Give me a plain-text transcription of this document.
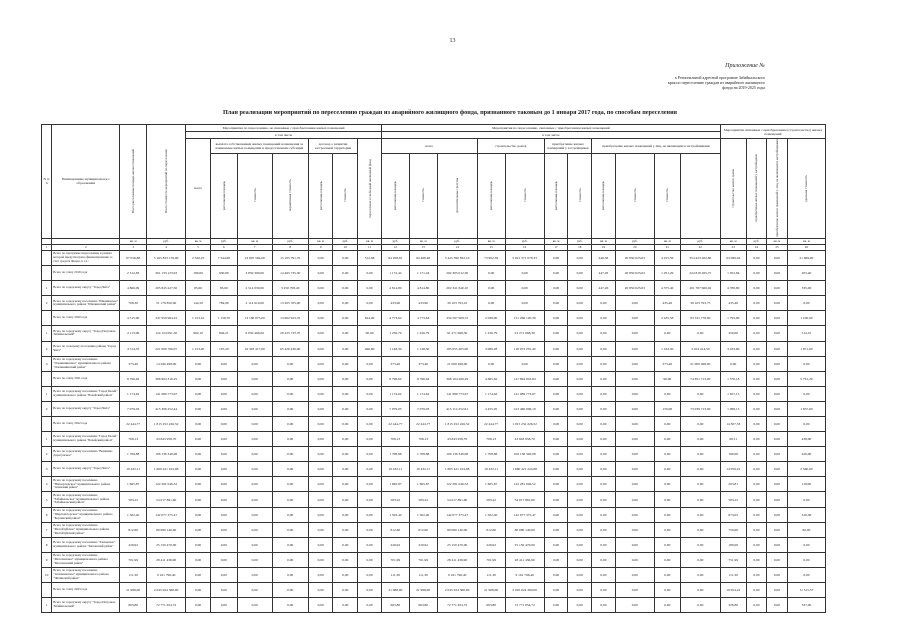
13
Приложение №
к Региональной адресной программе Забайкальского
края по переселению граждан из аварийного жилищного
фонда на 2019-2025 годы
План реализации мероприятий по переселению граждан из аварийного жилищного фонда, признанного таковым до 1 января 2017 года, по способам переселения
N п/п	Наименование муниципального образования	Всего расселяемая площадь жилых помещений	Всего стоимость мероприятий по переселению	Мероприятия по переселению, не связанные с приобретением жилых помещений							Мероприятия по переселению, связанные с приобретением жилых помещений											Мероприятия связанные с приобретением (строительство) жилых помещений			
				в том числе							в том числе														
				всего	выплата собственникам жилых помещений возмещения за изымаемые жилые помещения и предоставление субсидий			договор о развитии застроенной территории		переселение в свободный жилищный фонд	всего			строительство домов		приобретение жилых помещений у застройщиков		приобретение жилых помещений у лиц, не являющихся застройщиками				строительство жилых домов	приобретение жилых помещений у застройщиков	приобретение жилых помещений у лиц, не являющихся застройщиками	удельная стоимость
					расселяемая площадь	стоимость	нормативная стоимость	расселяемая площадь	стоимость		расселяемая площадь	стоимость	дополнительные средства	расселяемая площадь	стоимость	расселяемая площадь	стоимость	расселяемая площадь	стоимость	стоимость					
		кв. м	руб.	кв. м	руб.	кв. м	руб.	кв. м	руб.	кв. м	руб.	кв. м	руб.	кв. м	руб.	кв. м	руб.	кв. м	руб.	кв. м	руб.	кв. м	руб.	кв. м	кв. м
1	2	3	4	5	6	7	8	9	10	11	12	13	14	15	16	17	18	19	20	21	22	23	24	25	26
	Всего по программе переселения, в рамках которой предусмотрено финансирование за счет средств Фонда, в т.ч.:	97 056,88	5 165 833 176,99	2 326,25	7 344,68	23 907 584,00	15 105 791,70	0,00	0,00	512,08	94 958,81	94 498,48	5 425 390 852,10	73 902,39	5 021 371 070,33	0,00	0,00	440,36	20 850 023,03	4 015,59	354 423 202,80	93 069,94	0,00	0,00	21 669,00
	Всего по этапу 2019 года	2 312,83	301 133 123,93	180,00	930,80	3 859 309,00	14 465 735,30	0,00	0,00	0,00	1 172,44	1 171,44	202 305 012,30	0,00	0,00	0,00	0,00	447,26	20 850 023,03	1 051,29	224 818 265,75	1 052,84	0,00	0,00	203,40
1	Всего по городскому округу "Город Чита"	4 866,09	205 845 227,50	85,60	85,60	2 514 030,00	3 250 708,40	0,00	0,00	0,00	4 814,80	4 814,80	202 341 640,10	0,00	0,00	0,00	0,00	447,26	20 850 023,03	4 375,40	201 787 660,02	4 780,80	0,00	0,00	335,00
2	Всего по городскому поселению "Шилкинское" муниципального района "Шилкинский район"	708,30	51 178 850,00	144,50	784,90	2 114 910,00	13 205 705,00	0,00	0,00	0,00	433,90	433,90	39 103 793,10	0,00	0,00	0,00	0,00	0,00	0,00	435,40	39 103 793,75	435,40	0,00	0,00	0,00
	Всего по этапу 2020 года	4 515,90	347 950 984,22	1 153,10	1 158,70	13 180 875,00	13 662 923,70	0,00	0,00	624,00	4 773,64	4 773,64	334 597 908,72	2 038,00	151 266 120,30	0,00	0,00	0,00	0,00	2 435,58	83 331 778,00	1 795,80	0,00	0,00	1 100,00
1	Всего по городскому округу "Город Петровск-Забайкальский"	2 113,99	124 124 091,30	962,10	846,21	6 050 466,00	20 225 733,70	0,00	0,00	90,00	1 256,79	1 256,79	91 271 968,30	1 256,79	91 271 968,30	0,00	0,00	0,00	0,00	0,00	0,00	450,00	0,00	0,00	514,10
2	Всего по сельскому поселению района "Город Чита"	4 514,35	221 009 766,07	1 153,20	167,20	16 303 417,00	65 426 436,00	0,00	0,00	496,80	1 148,30	1 148,30	185 655 405,00	3 080,28	118 973 235,40	0,00	0,00	0,00	0,00	1 163,30	3 454 414,50	3 433,80	0,00	0,00	1 871,00
3	Всего по городскому поселению "Оловяннинское" муниципального района "Оловяннинский район"	373,40	14 296 498,00	0,00	0,00	0,00	0,00	0,00	0,00	0,00	373,40	373,40	21 000 498,00	0,00	0,00	0,00	0,00	0,00	0,00	373,40	21 000 498,00	0,00	0,00	0,00	0,00
	Всего по этапу 2021 года	8 796,62	396 994 316,25	0,00	0,00	0,00	0,00	0,00	0,00	0,00	8 796,62	8 796,62	398 104 266,29	4 665,62	127 894 816,84	0,00	0,00	0,00	0,00	90,00	74 651 713,00	1 570,18	0,00	0,00	5 761,29
1	Всего по городскому поселению "Город Балей" муниципального района "Балейский район"	1 174,62	141 989 773,67	0,00	0,00	0,00	0,00	0,00	0,00	0,00	1 174,62	1 174,62	141 989 773,67	1 174,62	141 989 773,67	0,00	0,00	0,00	0,00	0,00	0,00	1 657,15	0,00	0,00	0,00
2	Всего по городскому округу "Город Чита"	7 079,03	415 396 252,44	0,00	0,00	0,00	0,00	0,00	0,00	0,00	7 079,03	7 079,03	415 114 252,61	4 455,05	413 460 006,10	0,00	0,00	0,00	0,00	150,00	73 039 713,00	1 068,13	0,00	0,00	1 657,00
	Всего по этапу 2022 года	22 444,77	1 815 252 226,52	0,00	0,00	0,00	0,00	0,00	0,00	0,00	22 444,77	22 444,77	1 815 252 226,52	22 444,77	1 815 252 226,52	0,00	0,00	0,00	0,00	0,00	0,00	14 307,33	0,00	0,00	0,00
1	Всего по городскому поселению "Город Балей" муниципального района "Балейский район"	708,13	43 843 958,70	0,00	0,00	0,00	0,00	0,00	0,00	0,00	708,13	708,13	43 843 958,70	708,13	43 843 958,70	0,00	0,00	0,00	0,00	0,00	0,00	68,11	0,00	0,00	438,00
2	Всего по городскому поселению "Вершино-Дарасунское"	1 708,88	106 136 340,08	0,00	0,00	0,00	0,00	0,00	0,00	0,00	1 708,88	1 708,88	106 136 340,08	1 708,88	106 136 340,08	0,00	0,00	0,00	0,00	0,00	0,00	180,00	0,00	0,00	426,00
3	Всего по городскому округу "Город Чита"	19 432,11	1 660 421 224,08	0,00	0,00	0,00	0,00	0,00	0,00	0,00	19 432,11	19 432,11	1 665 421 224,08	19 432,11	1 660 421 224,08	0,00	0,00	0,00	0,00	0,00	0,00	14 059,22	0,00	0,00	2 560,00
4	Всего по городскому поселению "Новоорловское" муниципального района "Агинский район"	1 665,87	122 281 046,52	0,00	0,00	0,00	0,00	0,00	0,00	0,00	1 665,87	1 665,87	122 281 046,52	1 665,87	122 281 046,52	0,00	0,00	0,00	0,00	0,00	0,00	203,81	0,00	0,00	118,00
5	Всего по городскому поселению "Забайкальское" муниципального района "Забайкальский район"	583,22	54 017 891,60	0,00	0,00	0,00	0,00	0,00	0,00	0,00	583,22	583,22	54 017 891,60	583,22	54 017 891,60	0,00	0,00	0,00	0,00	0,00	0,00	583,22	0,00	0,00	0,00
6	Всего по городскому поселению "Шерловогорское" муниципального района "Борзинский район"	1 502,40	142 077 375,47	0,00	0,00	0,00	0,00	0,00	0,00	0,00	1 502,40	1 502,40	142 077 375,47	1 502,40	142 077 375,47	0,00	0,00	0,00	0,00	0,00	0,00	873,02	0,00	0,00	316,06
7	Всего по городскому поселению "Могойтуйское" муниципального района "Могойтуйский район"	812,60	80 080 140,00	0,00	0,00	0,00	0,00	0,00	0,00	0,00	812,60	812,60	80 080 140,00	812,60	80 080 140,00	0,00	0,00	0,00	0,00	0,00	0,00	750,00	0,00	0,00	60,00
8	Всего по городскому поселению "Хилокское" муниципального района "Хилокский район"	229,92	25 150 470,00	0,00	0,00	0,00	0,00	0,00	0,00	0,00	229,92	229,92	25 150 470,00	229,92	25 150 470,00	0,00	0,00	0,00	0,00	0,00	0,00	180,00	0,00	0,00	0,00
9	Всего по городскому поселению "Могочинское" муниципального района "Могочинский район"	701,99	28 411 436,90	0,00	0,00	0,00	0,00	0,00	0,00	0,00	701,99	701,99	28 411 436,90	701,99	28 411 436,90	0,00	0,00	0,00	0,00	0,00	0,00	751,99	0,00	0,00	0,00
10	Всего по городскому поселению "Атамановское" муниципального района "Читинский район"	111,30	9 161 796,40	0,00	0,00	0,00	0,00	0,00	0,00	0,00	111,30	111,30	9 161 796,40	111,30	9 161 796,40	0,00	0,00	0,00	0,00	0,00	0,00	111,30	0,00	0,00	0,00
	Всего по этапу 2023 года	21 988,00	2 045 024 360,00	0,00	0,00	0,00	0,00	0,00	0,00	0,00	21 988,00	21 988,00	2 045 024 360,00	21 988,00	2 045 024 360,00	0,00	0,00	0,00	0,00	0,00	0,00	19 054,22	0,00	0,00	11 515,57
1	Всего по городскому округу "Город Петровск-Забайкальский"	663,80	72 771 654,72	0,00	0,00	0,00	0,00	0,00	0,00	0,00	663,80	663,80	72 771 654,72	663,80	72 771 654,72	0,00	0,00	0,00	0,00	0,00	0,00	326,80	0,00	0,00	337,00
